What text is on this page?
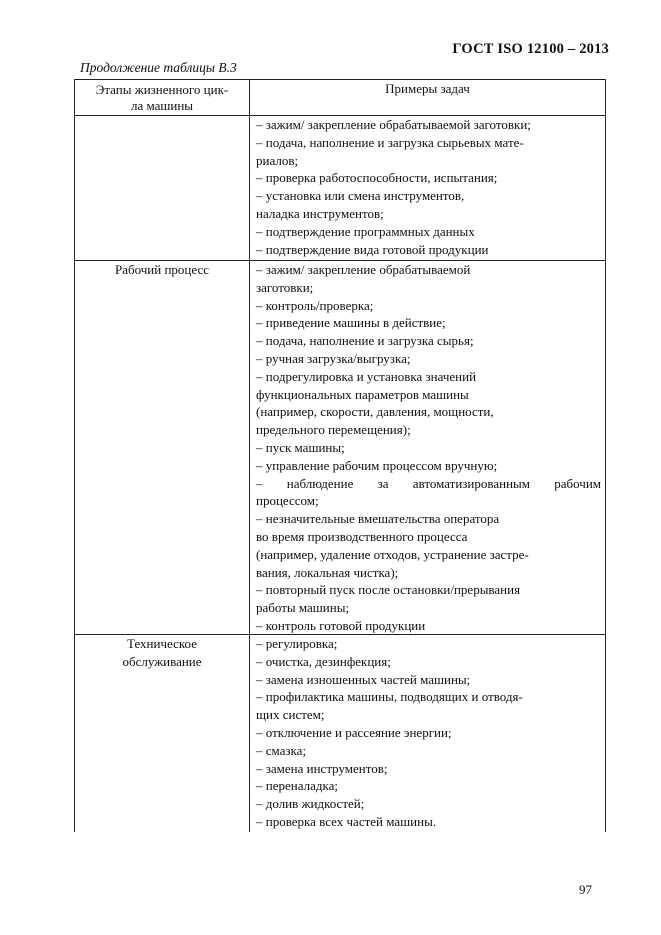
ГОСТ ISO 12100 – 2013
Продолжение таблицы В.3
Этапы жизненного цик-
ла машины
Примеры задач
– зажим/ закрепление обрабатываемой заготовки;
– подача, наполнение и загрузка сырьевых мате-
риалов;
– проверка работоспособности, испытания;
– установка или смена инструментов,
наладка инструментов;
– подтверждение программных данных
– подтверждение вида готовой продукции
Рабочий процесс	– зажим/ закрепление обрабатываемой
заготовки;
– контроль/проверка;
– приведение машины в действие;
– подача, наполнение и загрузка сырья;
– ручная загрузка/выгрузка;
– подрегулировка и установка значений
функциональных параметров машины
(например, скорости, давления, мощности,
предельного перемещения);
– пуск машины;
– управление рабочим процессом вручную;
– наблюдение за автоматизированным рабочим
процессом;
– незначительные вмешательства оператора
во время производственного процесса
(например, удаление отходов, устранение застре-
вания, локальная чистка);
– повторный пуск после остановки/прерывания
работы машины;
– контроль готовой продукции
Техническое
обслуживание
– регулировка;
– очистка, дезинфекция;
– замена изношенных частей машины;
– профилактика машины, подводящих и отводя-
щих систем;
– отключение и рассеяние энергии;
– смазка;
– замена инструментов;
– переналадка;
– долив жидкостей;
– проверка всех частей машины.
97
